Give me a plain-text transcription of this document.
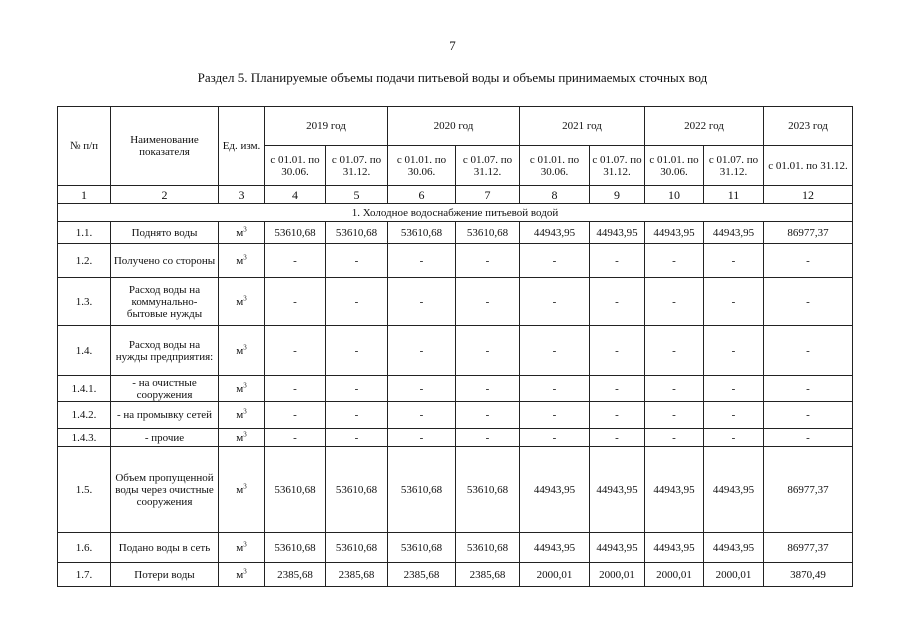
7
Раздел 5. Планируемые объемы подачи питьевой воды и объемы принимаемых сточных вод
№ п/п	Наименование показателя	Ед. изм.	2019 год		2020 год		2021 год		2022 год		2023 год
			с 01.01. по 30.06.	с 01.07. по 31.12.	с 01.01. по 30.06.	с 01.07. по 31.12.	с 01.01. по 30.06.	с 01.07. по 31.12.	с 01.01. по 30.06.	с 01.07. по 31.12.	с 01.01. по 31.12.
1	2	3	4	5	6	7	8	9	10	11	12
1. Холодное водоснабжение питьевой водой											
1.1.	Поднято воды	$м^3$	53610,68	53610,68	53610,68	53610,68	44943,95	44943,95	44943,95	44943,95	86977,37
1.2.	Получено со стороны	$м^3$	-	-	-	-	-	-	-	-	-
1.3.	Расход воды на коммунально-бытовые нужды	$м^3$	-	-	-	-	-	-	-	-	-
1.4.	Расход воды на нужды предприятия:	$м^3$	-	-	-	-	-	-	-	-	-
1.4.1.	- на очистные сооружения	$м^3$	-	-	-	-	-	-	-	-	-
1.4.2.	- на промывку сетей	$м^3$	-	-	-	-	-	-	-	-	-
1.4.3.	- прочие	$м^3$	-	-	-	-	-	-	-	-	-
1.5.	Объем пропущенной воды через очистные сооружения	$м^3$	53610,68	53610,68	53610,68	53610,68	44943,95	44943,95	44943,95	44943,95	86977,37
1.6.	Подано воды в сеть	$м^3$	53610,68	53610,68	53610,68	53610,68	44943,95	44943,95	44943,95	44943,95	86977,37
1.7.	Потери воды	$м^3$	2385,68	2385,68	2385,68	2385,68	2000,01	2000,01	2000,01	2000,01	3870,49
